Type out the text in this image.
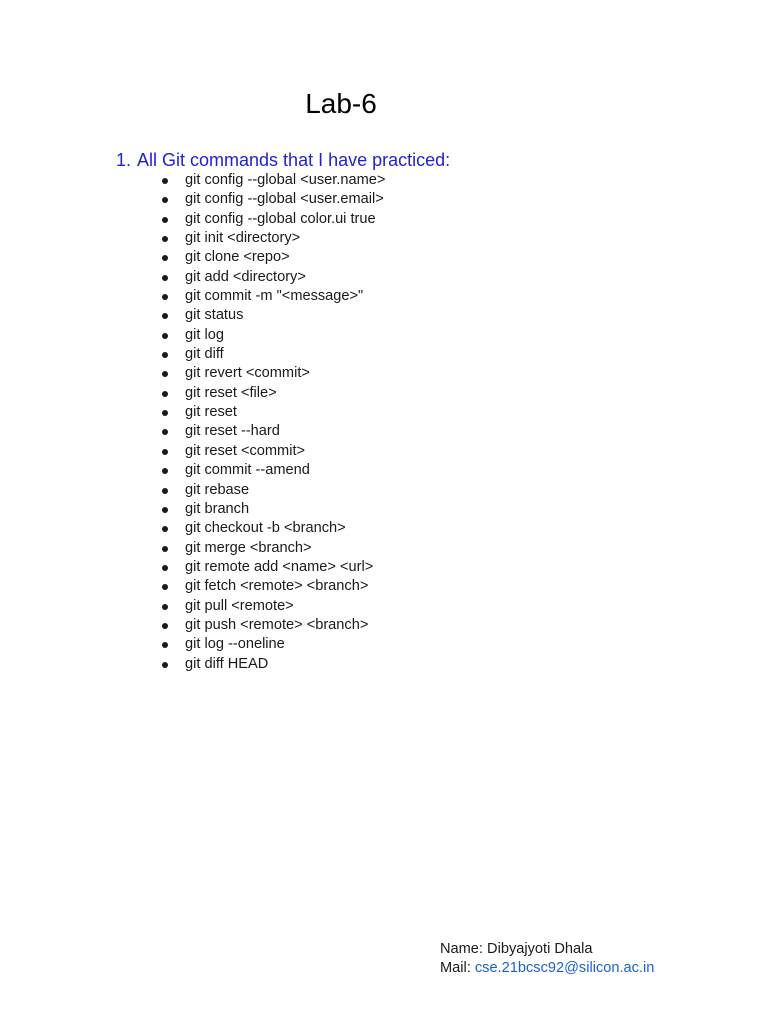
Lab-6
1. All Git commands that I have practiced:
git config --global <user.name>
git config --global <user.email>
git config --global color.ui true
git init <directory>
git clone <repo>
git add <directory>
git commit -m "<message>"
git status
git log
git diff
git revert <commit>
git reset <file>
git reset
git reset --hard
git reset <commit>
git commit --amend
git rebase
git branch
git checkout -b <branch>
git merge <branch>
git remote add <name> <url>
git fetch <remote> <branch>
git pull <remote>
git push <remote> <branch>
git log --oneline
git diff HEAD
Name: Dibyajyoti Dhala
Mail: cse.21bcsc92@silicon.ac.in
